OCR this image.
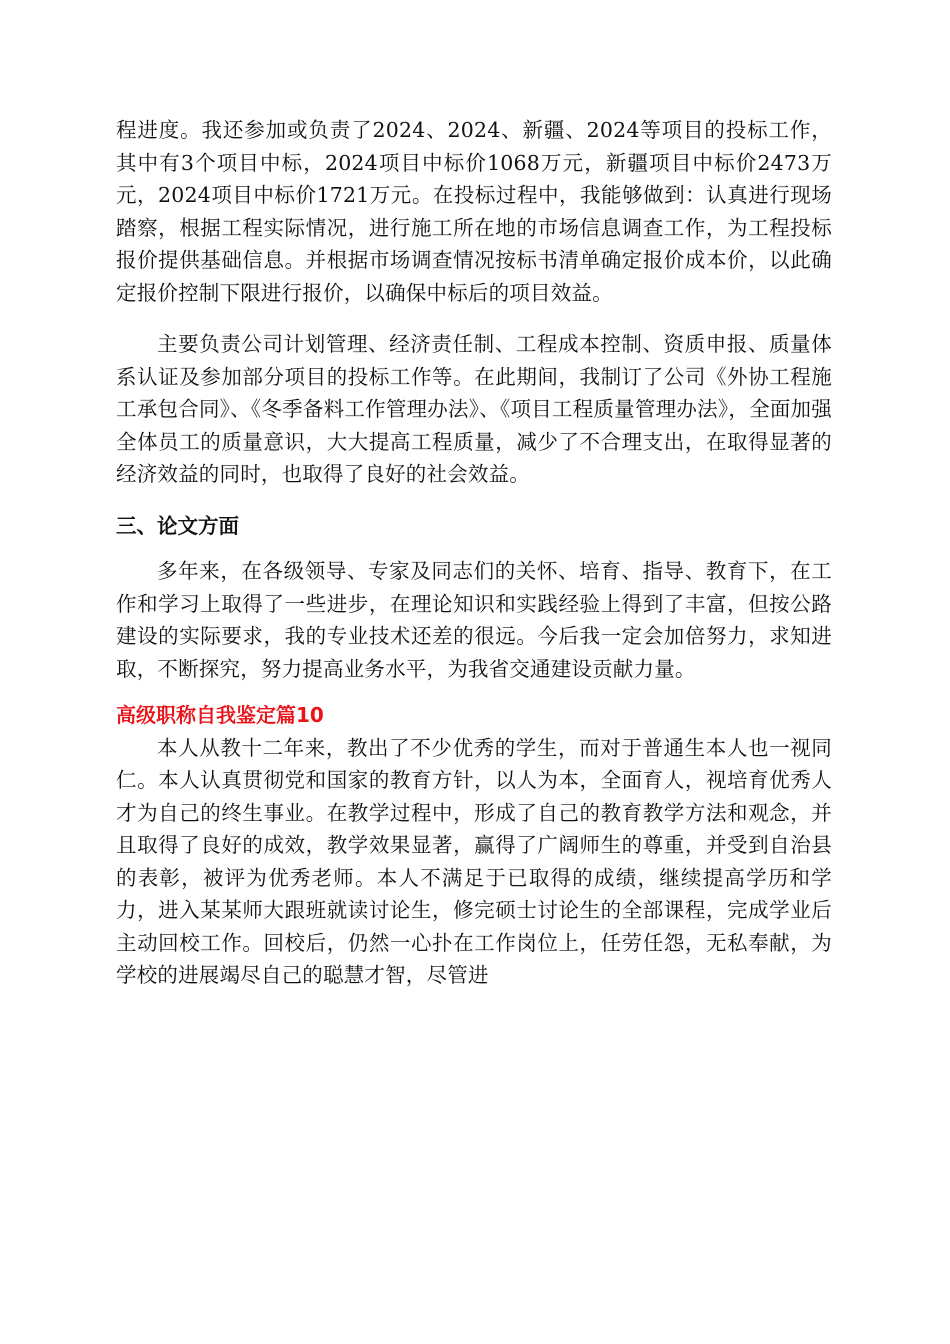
程进度。我还参加或负责了2024、2024、新疆、2024等项目的投标工作，其中有3个项目中标，2024项目中标价1068万元，新疆项目中标价2473万元，2024项目中标价1721万元。在投标过程中，我能够做到：认真进行现场踏察，根据工程实际情况，进行施工所在地的市场信息调查工作，为工程投标报价提供基础信息。并根据市场调查情况按标书清单确定报价成本价，以此确定报价控制下限进行报价，以确保中标后的项目效益。

主要负责公司计划管理、经济责任制、工程成本控制、资质申报、质量体系认证及参加部分项目的投标工作等。在此期间，我制订了公司《外协工程施工承包合同》、《冬季备料工作管理办法》、《项目工程质量管理办法》，全面加强全体员工的质量意识，大大提高工程质量，减少了不合理支出，在取得显著的经济效益的同时，也取得了良好的社会效益。

三、论文方面

多年来，在各级领导、专家及同志们的关怀、培育、指导、教育下，在工作和学习上取得了一些进步，在理论知识和实践经验上得到了丰富，但按公路建设的实际要求，我的专业技术还差的很远。今后我一定会加倍努力，求知进取，不断探究，努力提高业务水平，为我省交通建设贡献力量。

高级职称自我鉴定篇10

本人从教十二年来，教出了不少优秀的学生，而对于普通生本人也一视同仁。本人认真贯彻党和国家的教育方针，以人为本，全面育人，视培育优秀人才为自己的终生事业。在教学过程中，形成了自己的教育教学方法和观念，并且取得了良好的成效，教学效果显著，赢得了广阔师生的尊重，并受到自治县的表彰，被评为优秀老师。本人不满足于已取得的成绩，继续提高学历和学力，进入某某师大跟班就读讨论生，修完硕士讨论生的全部课程，完成学业后主动回校工作。回校后，仍然一心扑在工作岗位上，任劳任怨，无私奉献，为学校的进展竭尽自己的聪慧才智，尽管进
